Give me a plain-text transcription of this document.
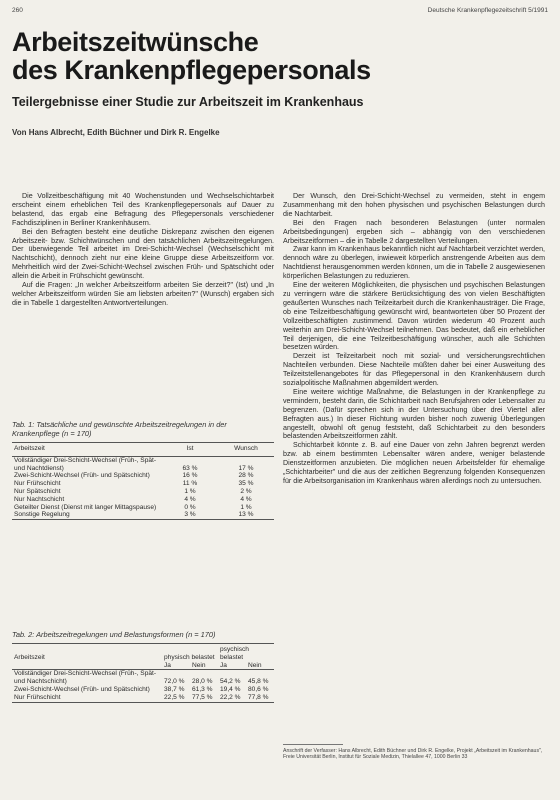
260	Deutsche Krankenpflegezeitschrift 5/1991
Arbeitszeitwünsche
des Krankenpflegepersonals
Teilergebnisse einer Studie zur Arbeitszeit im Krankenhaus
Von Hans Albrecht, Edith Büchner und Dirk R. Engelke

Die Vollzeitbeschäftigung mit 40 Wochenstunden und Wechselschichtarbeit erscheint einem erheblichen Teil des Krankenpflegepersonals auf Dauer zu belastend, das ergab eine Befragung des Pflegepersonals verschiedener Fachdisziplinen in Berliner Krankenhäusern.

Bei den Befragten besteht eine deutliche Diskrepanz zwischen den eigenen Arbeitszeit- bzw. Schichtwünschen und den tatsächlichen Arbeitszeitregelungen. Der überwiegende Teil arbeitet im Drei-Schicht-Wechsel (Wechselschicht mit Nachtschicht), dennoch zieht nur eine kleine Gruppe diese Arbeitszeitform vor. Mehrheitlich wird der Zwei-Schicht-Wechsel zwischen Früh- und Spätschicht oder allein die Arbeit in Frühschicht gewünscht.

Auf die Fragen: „In welcher Arbeitszeitform arbeiten Sie derzeit?" (Ist) und „In welcher Arbeitszeitform würden Sie am liebsten arbeiten?" (Wunsch) ergaben sich die in Tabelle 1 dargestellten Antwortverteilungen.

Tab. 1: Tatsächliche und gewünschte Arbeitszeitregelungen in der Krankenpflege (n = 170)

Arbeitszeit	Ist	Wunsch
Vollständiger Drei-Schicht-Wechsel (Früh-, Spät- und Nachtdienst)	63 %	17 %
Zwei-Schicht-Wechsel (Früh- und Spätschicht)	16 %	28 %
Nur Frühschicht	11 %	35 %
Nur Spätschicht	1 %	2 %
Nur Nachtschicht	4 %	4 %
Geteilter Dienst (Dienst mit langer Mittagspause)	0 %	1 %
Sonstige Regelung	3 %	13 %

Tab. 2: Arbeitszeitregelungen und Belastungsformen (n = 170)

Arbeitszeit	physisch belastet		psychisch belastet	
	Ja	Nein	Ja	Nein
Vollständiger Drei-Schicht-Wechsel (Früh-, Spät- und Nachtschicht)	72,0 %	28,0 %	54,2 %	45,8 %
Zwei-Schicht-Wechsel (Früh- und Spätschicht)	38,7 %	61,3 %	19,4 %	80,6 %
Nur Frühschicht	22,5 %	77,5 %	22,2 %	77,8 %

Der Wunsch, den Drei-Schicht-Wechsel zu vermeiden, steht in engem Zusammenhang mit den hohen physischen und psychischen Belastungen durch die Nachtarbeit.

Bei den Fragen nach besonderen Belastungen (unter normalen Arbeitsbedingungen) ergeben sich – abhängig von den verschiedenen Arbeitszeitformen – die in Tabelle 2 dargestellten Verteilungen.

Zwar kann im Krankenhaus bekanntlich nicht auf Nachtarbeit verzichtet werden, dennoch wäre zu überlegen, inwieweit körperlich anstrengende Arbeiten aus dem Nachtdienst herausgenommen werden können, um die in Tabelle 2 ausgewiesenen körperlichen Belastungen zu reduzieren.

Eine der weiteren Möglichkeiten, die physischen und psychischen Belastungen zu verringern wäre die stärkere Berücksichtigung des von vielen Beschäftigten geäußerten Wunsches nach Teilzeitarbeit durch die Krankenhausträger. Die Frage, ob eine Teilzeitbeschäftigung gewünscht wird, beantworteten über 50 Prozent der Vollzeitbeschäftigten zustimmend. Davon würden wiederum 40 Prozent auch weiterhin am Drei-Schicht-Wechsel teilnehmen. Das bedeutet, daß ein erheblicher Teil derjenigen, die eine Teilzeitbeschäftigung wünscher, auch alle Schichten besetzen würden.

Derzeit ist Teilzeitarbeit noch mit sozial- und versicherungsrechtlichen Nachteilen verbunden. Diese Nachteile müßten daher bei einer Ausweitung des Teilzeitstellenangebotes für das Pflegepersonal in den Krankenhäusern durch sozialpolitische Maßnahmen abgemildert werden.

Eine weitere wichtige Maßnahme, die Belastungen in der Krankenpflege zu vermindern, besteht darin, die Schichtarbeit nach Berufsjahren oder Lebensalter zu begrenzen. (Dafür sprechen sich in der Untersuchung über drei Viertel aller Befragten aus.) In dieser Richtung wurden bisher noch zuwenig Überlegungen angestellt, obwohl oft genug feststeht, daß Schichtarbeit zu den besonders belastenden Arbeitszeitformen zählt.

Schichtarbeit könnte z. B. auf eine Dauer von zehn Jahren begrenzt werden bzw. ab einem bestimmten Lebensalter wären andere, weniger belastende Dienstzeitformen anzubieten. Die möglichen neuen Arbeitsfelder für ehemalige „Schichtarbeiter" und die aus der zeitlichen Begrenzung folgenden Konsequenzen für die Arbeitsorganisation im Krankenhaus wären allerdings noch zu untersuchen.

Anschrift der Verfasser: Hans Albrecht, Edith Büchner und Dirk R. Engelke, Projekt „Arbeitszeit im Krankenhaus", Freie Universität Berlin, Institut für Soziale Medizin, Thielallee 47, 1000 Berlin 33
